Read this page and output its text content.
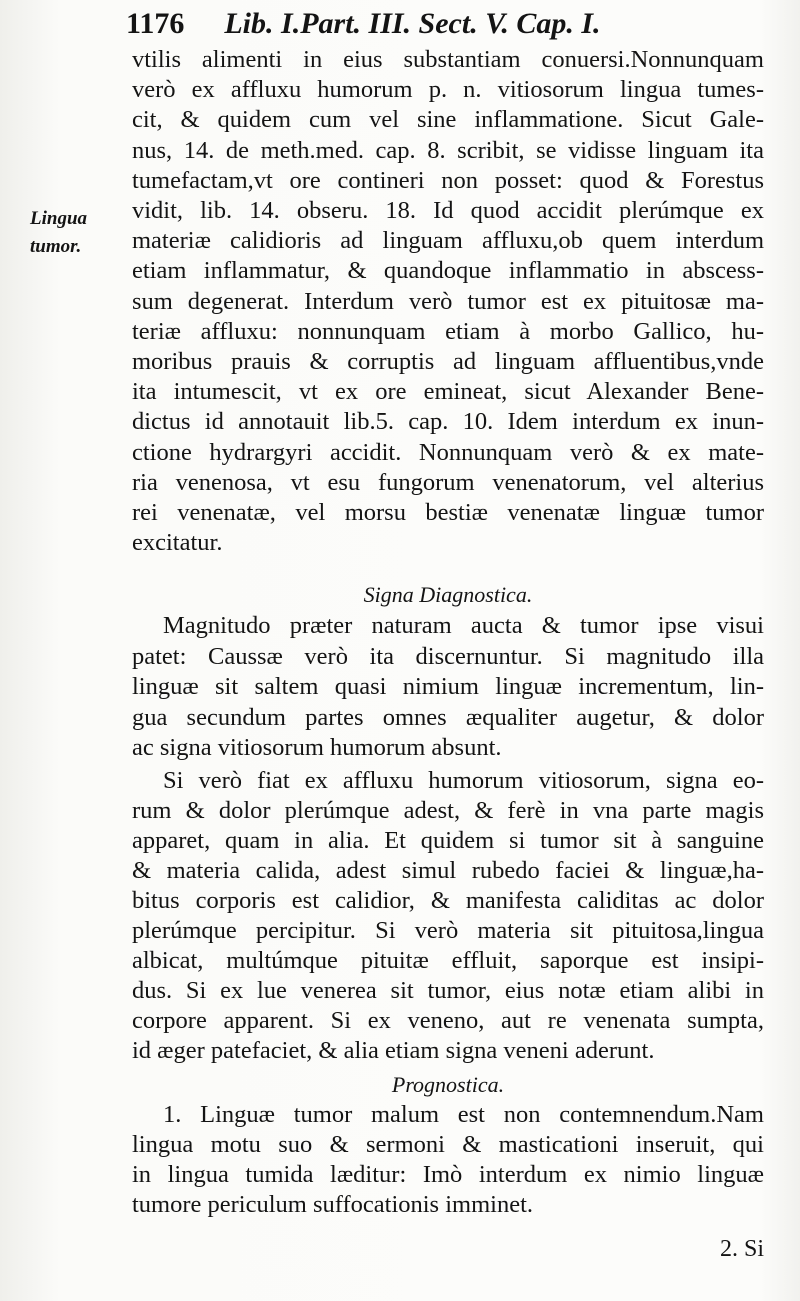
1176 Lib. I.Part. III. Sect. V. Cap. I.
Lingua
tumor.
vtilis alimenti in eius substantiam conuersi.Nonnunquam
verò ex affluxu humorum p. n. vitiosorum lingua tumes-
cit, & quidem cum vel sine inflammatione. Sicut Gale-
nus, 14. de meth.med. cap. 8. scribit, se vidisse linguam ita
tumefactam,vt ore contineri non posset: quod & Forestus
vidit, lib. 14. obseru. 18. Id quod accidit plerúmque ex
materiæ calidioris ad linguam affluxu,ob quem interdum
etiam inflammatur, & quandoque inflammatio in abscess-
sum degenerat. Interdum verò tumor est ex pituitosæ ma-
teriæ affluxu: nonnunquam etiam à morbo Gallico, hu-
moribus prauis & corruptis ad linguam affluentibus,vnde
ita intumescit, vt ex ore emineat, sicut Alexander Bene-
dictus id annotauit lib.5. cap. 10. Idem interdum ex inun-
ctione hydrargyri accidit. Nonnunquam verò & ex mate-
ria venenosa, vt esu fungorum venenatorum, vel alterius
rei venenatæ, vel morsu bestiæ venenatæ linguæ tumor
excitatur.
Magnitudo præter naturam aucta & tumor ipse visui
patet: Caussæ verò ita discernuntur. Si magnitudo illa
linguæ sit saltem quasi nimium linguæ incrementum, lin-
gua secundum partes omnes æqualiter augetur, & dolor
ac signa vitiosorum humorum absunt.
Si verò fiat ex affluxu humorum vitiosorum, signa eo-
rum & dolor plerúmque adest, & ferè in vna parte magis
apparet, quam in alia. Et quidem si tumor sit à sanguine
& materia calida, adest simul rubedo faciei & linguæ,ha-
bitus corporis est calidior, & manifesta caliditas ac dolor
plerúmque percipitur. Si verò materia sit pituitosa,lingua
albicat, multúmque pituitæ effluit, saporque est insipi-
dus. Si ex lue venerea sit tumor, eius notæ etiam alibi in
corpore apparent. Si ex veneno, aut re venenata sumpta,
id æger patefaciet, & alia etiam signa veneni aderunt.
1. Linguæ tumor malum est non contemnendum.Nam
lingua motu suo & sermoni & masticationi inseruit, qui
in lingua tumida læditur: Imò interdum ex nimio linguæ
tumore periculum suffocationis imminet.
Signa Diagnostica.
Prognostica.
2. Si
